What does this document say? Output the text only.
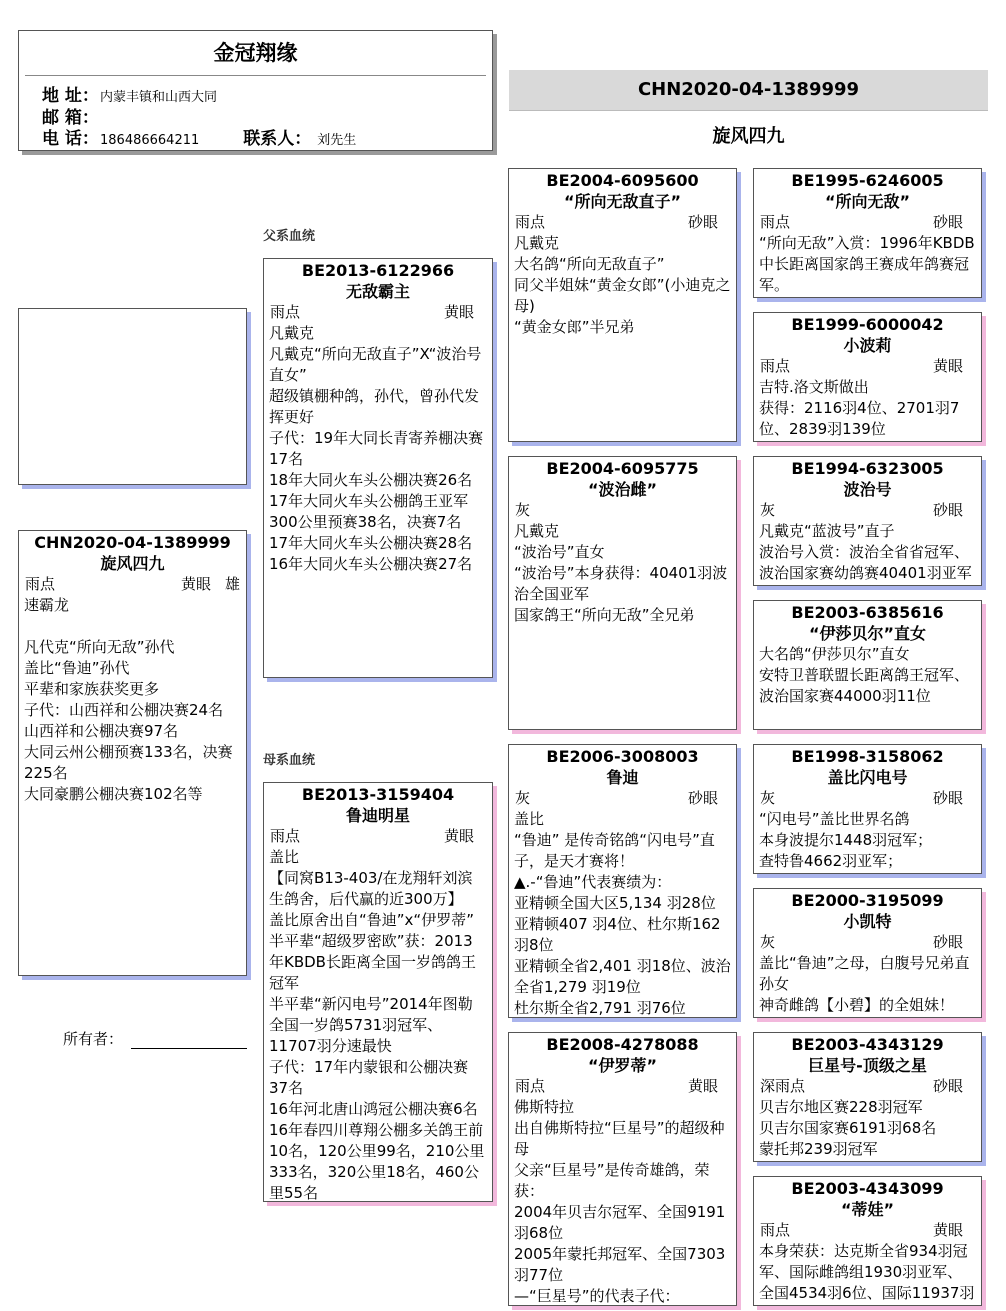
金冠翔缘
地 址： 内蒙丰镇和山西大同
邮 箱：
电 话： 186486664211	联系人： 刘先生
CHN2020-04-1389999
旋风四九
CHN2020-04-1389999
旋风四九
雨点	黄眼 雄
速霸龙

凡代克“所向无敌”孙代
盖比“鲁迪”孙代
平辈和家族获奖更多
子代：山西祥和公棚决赛24名
山西祥和公棚决赛97名
大同云州公棚预赛133名，决赛225名
大同豪鹏公棚决赛102名等
所有者：
父系血统
母系血统
BE2013-6122966
无敌霸主
雨点	黄眼
凡戴克
凡戴克“所向无敌直子”X“波治号直女”
超级镇棚种鸽，孙代，曾孙代发挥更好
子代：19年大同长青寄养棚决赛17名
18年大同火车头公棚决赛26名
17年大同火车头公棚鸽王亚军300公里预赛38名，决赛7名
17年大同火车头公棚决赛28名
16年大同火车头公棚决赛27名
BE2013-3159404
鲁迪明星
雨点	黄眼
盖比
【同窝B13-403/在龙翔轩刘滨生鸽舍，后代赢的近300万】
盖比原舍出自“鲁迪”x“伊罗蒂”
半平辈“超级罗密欧”获：2013年KBDB长距离全国一岁鸽鸽王冠军
半平辈“新闪电号”2014年图勒全国一岁鸽5731羽冠军、11707羽分速最快
子代：17年内蒙银和公棚决赛37名
16年河北唐山鸿冠公棚决赛6名
16年春四川尊翔公棚多关鸽王前10名，120公里99名，210公里333名，320公里18名，460公里55名
BE2004-6095600
“所向无敌直子”
雨点	砂眼
凡戴克
大名鸽“所向无敌直子”
同父半姐妹“黄金女郎”(小迪克之母)
“黄金女郎”半兄弟
BE2004-6095775
“波治雌”
灰
凡戴克
“波治号”直女
“波治号”本身获得：40401羽波治全国亚军
国家鸽王“所向无敌”全兄弟
BE2006-3008003
鲁迪
灰	砂眼
盖比
“鲁迪” 是传奇铭鸽“闪电号”直子，是天才赛将！
▲.-“鲁迪”代表赛绩为：
亚精顿全国大区5,134 羽28位
亚精顿407 羽4位、杜尔斯162 羽8位
亚精顿全省2,401 羽18位、波治全省1,279 羽19位
杜尔斯全省2,791 羽76位
BE2008-4278088
“伊罗蒂”
雨点	黄眼
佛斯特拉
出自佛斯特拉“巨星号”的超级种母
父亲“巨星号”是传奇雄鸽，荣获：
2004年贝吉尔冠军、全国9191羽68位
2005年蒙托邦冠军、全国7303羽77位
—“巨星号”的代表子代：
BE1995-6246005
“所向无敌”
雨点	砂眼
“所向无敌”入赏：1996年KBDB中长距离国家鸽王赛成年鸽赛冠军。
BE1999-6000042
小波莉
雨点	黄眼
吉特.洛文斯做出
获得：2116羽4位、2701羽7位、2839羽139位
BE1994-6323005
波治号
灰	砂眼
凡戴克“蓝波号”直子
波治号入赏：波治全省省冠军、波治国家赛幼鸽赛40401羽亚军
BE2003-6385616
“伊莎贝尔”直女
大名鸽“伊莎贝尔”直女
安特卫普联盟长距离鸽王冠军、波治国家赛44000羽11位
BE1998-3158062
盖比闪电号
灰	砂眼
“闪电号”盖比世界名鸽
本身波提尔1448羽冠军；
查特鲁4662羽亚军；
BE2000-3195099
小凯特
灰	砂眼
盖比“鲁迪”之母，白腹号兄弟直孙女
神奇雌鸽【小碧】的全姐妹！
BE2003-4343129
巨星号-顶级之星
深雨点	砂眼
贝吉尔地区赛228羽冠军
贝吉尔国家赛6191羽68名
蒙托邦239羽冠军
BE2003-4343099
“蒂娃”
雨点	黄眼
本身荣获：达克斯全省934羽冠军、国际雌鸽组1930羽亚军、全国4534羽6位、国际11937羽
